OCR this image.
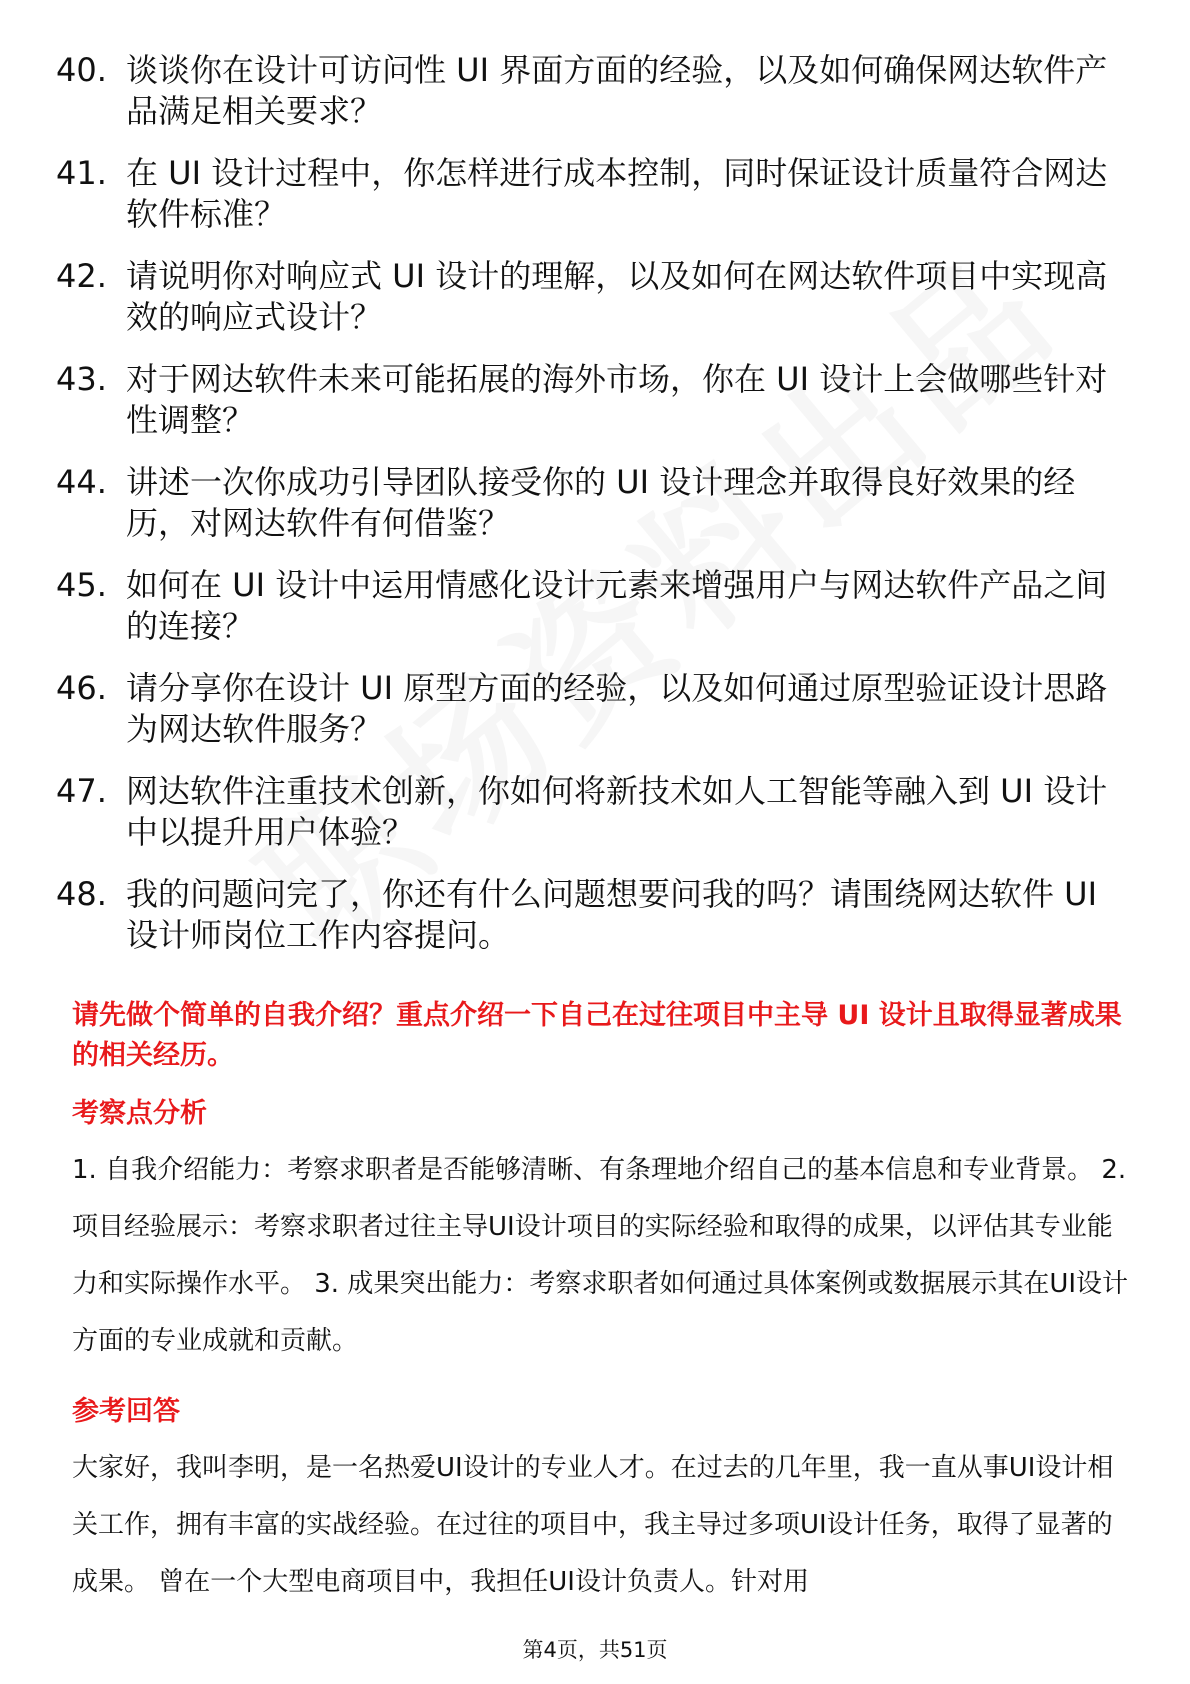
40. 谈谈你在设计可访问性 UI 界面方面的经验，以及如何确保网达软件产品满足相关要求？
41. 在 UI 设计过程中，你怎样进行成本控制，同时保证设计质量符合网达软件标准？
42. 请说明你对响应式 UI 设计的理解，以及如何在网达软件项目中实现高效的响应式设计？
43. 对于网达软件未来可能拓展的海外市场，你在 UI 设计上会做哪些针对性调整？
44. 讲述一次你成功引导团队接受你的 UI 设计理念并取得良好效果的经历，对网达软件有何借鉴？
45. 如何在 UI 设计中运用情感化设计元素来增强用户与网达软件产品之间的连接？
46. 请分享你在设计 UI 原型方面的经验，以及如何通过原型验证设计思路为网达软件服务？
47. 网达软件注重技术创新，你如何将新技术如人工智能等融入到 UI 设计中以提升用户体验？
48. 我的问题问完了，你还有什么问题想要问我的吗？请围绕网达软件 UI 设计师岗位工作内容提问。

请先做个简单的自我介绍？重点介绍一下自己在过往项目中主导 UI 设计且取得显著成果的相关经历。

考察点分析

1. 自我介绍能力：考察求职者是否能够清晰、有条理地介绍自己的基本信息和专业背景。 2. 项目经验展示：考察求职者过往主导UI设计项目的实际经验和取得的成果，以评估其专业能力和实际操作水平。 3. 成果突出能力：考察求职者如何通过具体案例或数据展示其在UI设计方面的专业成就和贡献。

参考回答

大家好，我叫李明，是一名热爱UI设计的专业人才。在过去的几年里，我一直从事UI设计相关工作，拥有丰富的实战经验。在过往的项目中，我主导过多项UI设计任务，取得了显著的成果。 曾在一个大型电商项目中，我担任UI设计负责人。针对用

第4页，共51页
